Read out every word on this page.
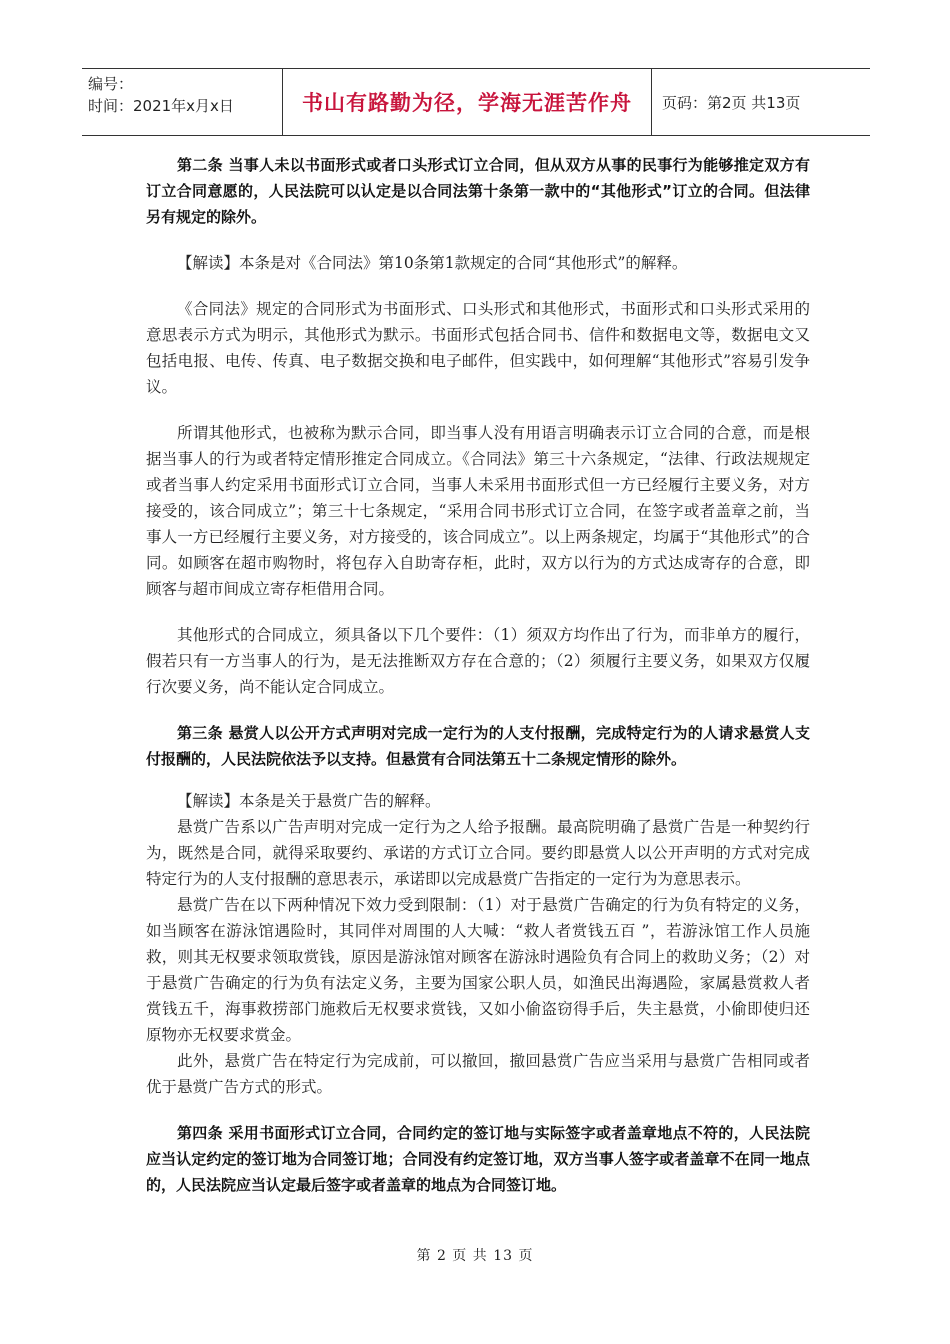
编号：
时间：2021年x月x日	书山有路勤为径，学海无涯苦作舟	页码：第2页 共13页

第二条 当事人未以书面形式或者口头形式订立合同，但从双方从事的民事行为能够推定双方有订立合同意愿的，人民法院可以认定是以合同法第十条第一款中的“其他形式”订立的合同。但法律另有规定的除外。

【解读】本条是对《合同法》第10条第1款规定的合同“其他形式”的解释。

《合同法》规定的合同形式为书面形式、口头形式和其他形式，书面形式和口头形式采用的意思表示方式为明示，其他形式为默示。书面形式包括合同书、信件和数据电文等，数据电文又包括电报、电传、传真、电子数据交换和电子邮件，但实践中，如何理解“其他形式”容易引发争议。

所谓其他形式，也被称为默示合同，即当事人没有用语言明确表示订立合同的合意，而是根据当事人的行为或者特定情形推定合同成立。《合同法》第三十六条规定，“法律、行政法规规定或者当事人约定采用书面形式订立合同，当事人未采用书面形式但一方已经履行主要义务，对方接受的，该合同成立”；第三十七条规定，“采用合同书形式订立合同，在签字或者盖章之前，当事人一方已经履行主要义务，对方接受的，该合同成立”。以上两条规定，均属于“其他形式”的合同。如顾客在超市购物时，将包存入自助寄存柜，此时，双方以行为的方式达成寄存的合意，即顾客与超市间成立寄存柜借用合同。

其他形式的合同成立，须具备以下几个要件：（1）须双方均作出了行为，而非单方的履行，假若只有一方当事人的行为，是无法推断双方存在合意的；（2）须履行主要义务，如果双方仅履行次要义务，尚不能认定合同成立。

第三条 悬赏人以公开方式声明对完成一定行为的人支付报酬，完成特定行为的人请求悬赏人支付报酬的，人民法院依法予以支持。但悬赏有合同法第五十二条规定情形的除外。

【解读】本条是关于悬赏广告的解释。

悬赏广告系以广告声明对完成一定行为之人给予报酬。最高院明确了悬赏广告是一种契约行为，既然是合同，就得采取要约、承诺的方式订立合同。要约即悬赏人以公开声明的方式对完成特定行为的人支付报酬的意思表示，承诺即以完成悬赏广告指定的一定行为为意思表示。

悬赏广告在以下两种情况下效力受到限制：（1）对于悬赏广告确定的行为负有特定的义务，如当顾客在游泳馆遇险时，其同伴对周围的人大喊：“救人者赏钱五百 ”，若游泳馆工作人员施救，则其无权要求领取赏钱，原因是游泳馆对顾客在游泳时遇险负有合同上的救助义务；（2）对于悬赏广告确定的行为负有法定义务，主要为国家公职人员，如渔民出海遇险，家属悬赏救人者赏钱五千，海事救捞部门施救后无权要求赏钱，又如小偷盗窃得手后，失主悬赏，小偷即使归还原物亦无权要求赏金。

此外，悬赏广告在特定行为完成前，可以撤回，撤回悬赏广告应当采用与悬赏广告相同或者优于悬赏广告方式的形式。

第四条 采用书面形式订立合同，合同约定的签订地与实际签字或者盖章地点不符的，人民法院应当认定约定的签订地为合同签订地；合同没有约定签订地，双方当事人签字或者盖章不在同一地点的，人民法院应当认定最后签字或者盖章的地点为合同签订地。

第 2 页 共 13 页
